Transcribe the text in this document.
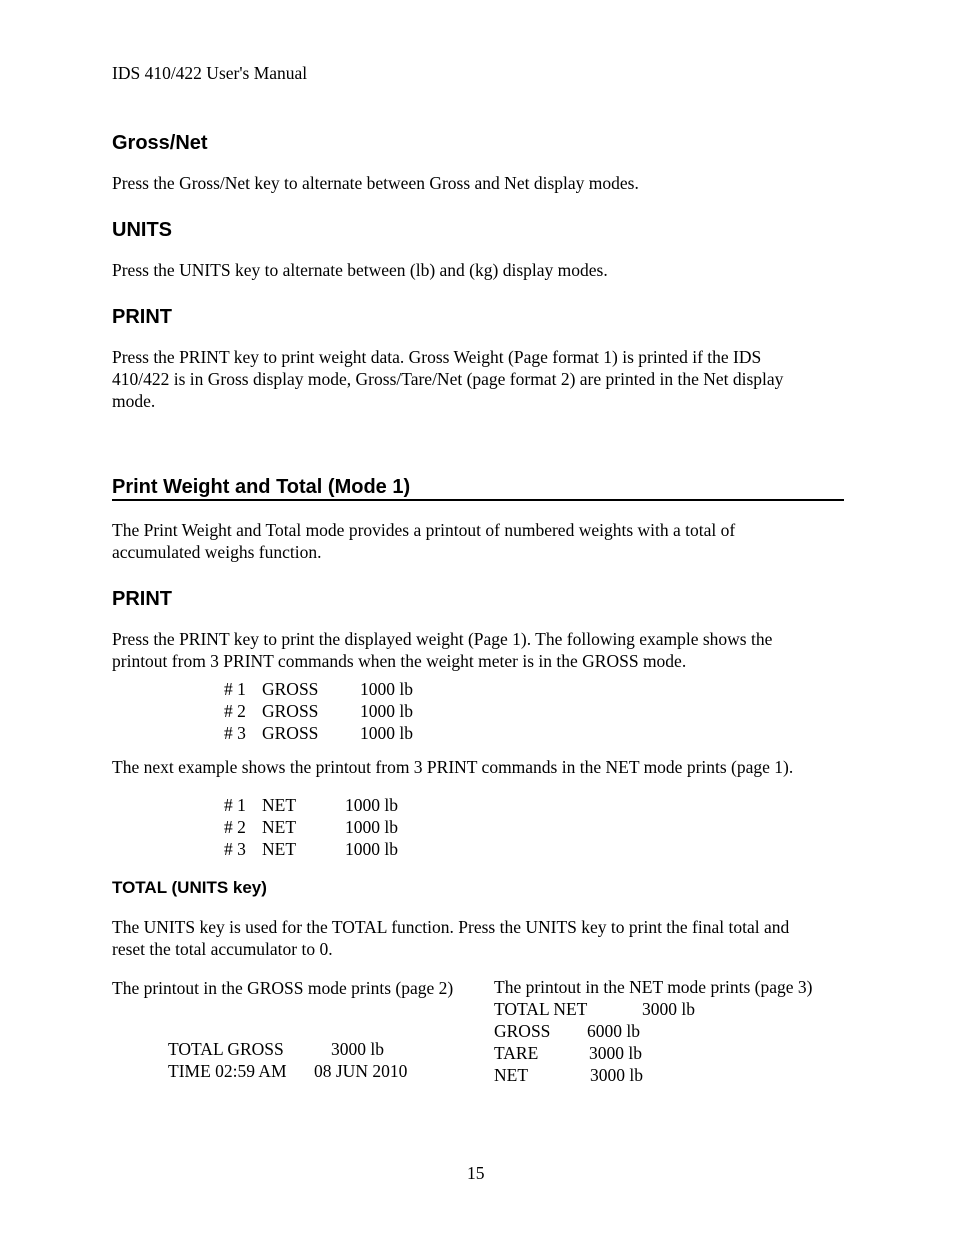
IDS 410/422 User's Manual
Gross/Net
Press the Gross/Net key to alternate between Gross and Net display modes.
UNITS
Press the UNITS key to alternate between (lb) and (kg) display modes.
PRINT
Press the PRINT key to print weight data. Gross Weight (Page format 1) is printed if the IDS
410/422 is in Gross display mode, Gross/Tare/Net (page format 2) are printed in the Net display
mode.
Print Weight and Total (Mode 1)
The Print Weight and Total mode provides a printout of numbered weights with a total of
accumulated weighs function.
PRINT
Press the PRINT key to print the displayed weight (Page 1). The following example shows the
printout from 3 PRINT commands when the weight meter is in the GROSS mode.
# 1 GROSS 1000 lb
# 2 GROSS 1000 lb
# 3 GROSS 1000 lb
The next example shows the printout from 3 PRINT commands in the NET mode prints (page 1).
# 1 NET	1000 lb
# 2 NET	1000 lb
# 3 NET	1000 lb
TOTAL (UNITS key)
The UNITS key is used for the TOTAL function. Press the UNITS key to print the final total and
reset the total accumulator to 0.
The printout in the GROSS mode prints (page 2)
TOTAL GROSS	3000 lb
TIME 02:59 AM 08 JUN 2010
The printout in the NET mode prints (page 3)
TOTAL NET	3000 lb
GROSS 6000 lb
TARE	3000 lb
NET	3000 lb
15
